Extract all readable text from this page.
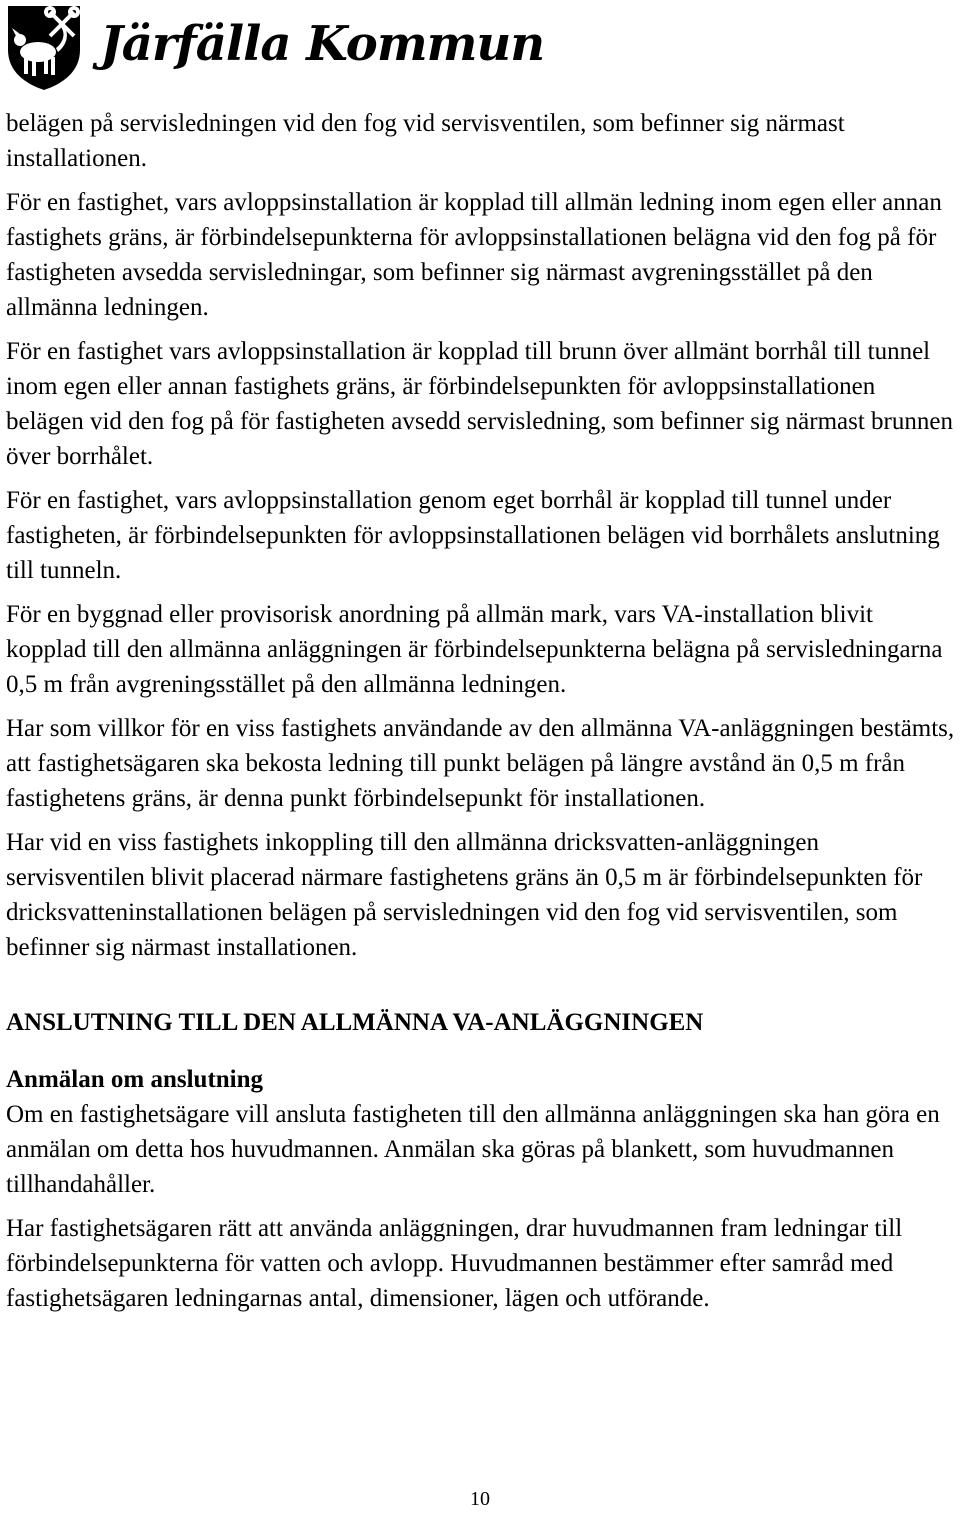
Järfälla Kommun

belägen på servisledningen vid den fog vid servisventilen, som befinner sig närmast installationen.

För en fastighet, vars avloppsinstallation är kopplad till allmän ledning inom egen eller annan fastighets gräns, är förbindelsepunkterna för avloppsinstallationen belägna vid den fog på för fastigheten avsedda servisledningar, som befinner sig närmast avgreningsstället på den allmänna ledningen.

För en fastighet vars avloppsinstallation är kopplad till brunn över allmänt borrhål till tunnel inom egen eller annan fastighets gräns, är förbindelsepunkten för avloppsinstallationen belägen vid den fog på för fastigheten avsedd servisledning, som befinner sig närmast brunnen över borrhålet.

För en fastighet, vars avloppsinstallation genom eget borrhål är kopplad till tunnel under fastigheten, är förbindelsepunkten för avloppsinstallationen belägen vid borrhålets anslutning till tunneln.

För en byggnad eller provisorisk anordning på allmän mark, vars VA-installation blivit kopplad till den allmänna anläggningen är förbindelsepunkterna belägna på servisledningarna 0,5 m från avgreningsstället på den allmänna ledningen.

Har som villkor för en viss fastighets användande av den allmänna VA-anläggningen bestämts, att fastighetsägaren ska bekosta ledning till punkt belägen på längre avstånd än 0,5 m från fastighetens gräns, är denna punkt förbindelsepunkt för installationen.

Har vid en viss fastighets inkoppling till den allmänna dricksvatten-anläggningen servisventilen blivit placerad närmare fastighetens gräns än 0,5 m är förbindelsepunkten för dricksvatteninstallationen belägen på servisledningen vid den fog vid servisventilen, som befinner sig närmast installationen.

ANSLUTNING TILL DEN ALLMÄNNA VA-ANLÄGGNINGEN
Anmälan om anslutning

Om en fastighetsägare vill ansluta fastigheten till den allmänna anläggningen ska han göra en anmälan om detta hos huvudmannen. Anmälan ska göras på blankett, som huvudmannen tillhandahåller.

Har fastighetsägaren rätt att använda anläggningen, drar huvudmannen fram ledningar till förbindelsepunkterna för vatten och avlopp. Huvudmannen bestämmer efter samråd med fastighetsägaren ledningarnas antal, dimensioner, lägen och utförande.

10
